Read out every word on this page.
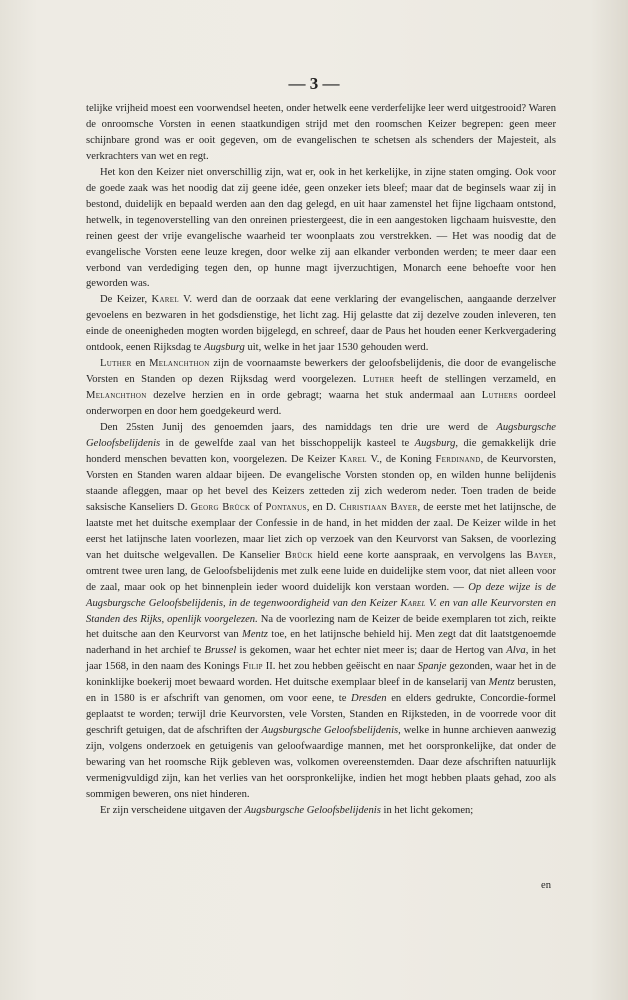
— 3 —

telijke vrijheid moest een voorwendsel heeten, onder hetwelk eene verderfelijke leer werd uitgestrooid? Waren de onroomsche Vorsten in eenen staatkundigen strijd met den roomschen Keizer begrepen: geen meer schijnbare grond was er ooit gegeven, om de evangelischen te schetsen als schenders der Majesteit, als verkrachters van wet en regt.

Het kon den Keizer niet onverschillig zijn, wat er, ook in het kerkelijke, in zijne staten omging. Ook voor de goede zaak was het noodig dat zij geene idée, geen onzeker iets bleef; maar dat de beginsels waar zij in bestond, duidelijk en bepaald werden aan den dag gelegd, en uit haar zamenstel het fijne ligchaam ontstond, hetwelk, in tegenoverstelling van den onreinen priestergeest, die in een aangestoken ligchaam huisvestte, den reinen geest der vrije evangelische waarheid ter woonplaats zou verstrekken. — Het was noodig dat de evangelische Vorsten eene leuze kregen, door welke zij aan elkander verbonden werden; te meer daar een verbond van verdediging tegen den, op hunne magt ijverzuchtigen, Monarch eene behoefte voor hen geworden was.

De Keizer, Karel V. werd dan de oorzaak dat eene verklaring der evangelischen, aangaande derzelver gevoelens en bezwaren in het godsdienstige, het licht zag. Hij gelastte dat zij dezelve zouden inleveren, ten einde de oneenigheden mogten worden bijgelegd, en schreef, daar de Paus het houden eener Kerkvergadering ontdook, eenen Rijksdag te Augsburg uit, welke in het jaar 1530 gehouden werd.

Luther en Melanchthon zijn de voornaamste bewerkers der geloofsbelijdenis, die door de evangelische Vorsten en Standen op dezen Rijksdag werd voorgelezen. Luther heeft de stellingen verzameld, en Melanchthon dezelve herzien en in orde gebragt; waarna het stuk andermaal aan Luthers oordeel onderworpen en door hem goedgekeurd werd.

Den 25sten Junij des genoemden jaars, des namiddags ten drie ure werd de Augsburgsche Geloofsbelijdenis in de gewelfde zaal van het bisschoppelijk kasteel te Augsburg, die gemakkelijk drie honderd menschen bevatten kon, voorgelezen. De Keizer Karel V., de Koning Ferdinand, de Keurvorsten, Vorsten en Standen waren aldaar bijeen. De evangelische Vorsten stonden op, en wilden hunne belijdenis staande afleggen, maar op het bevel des Keizers zetteden zij zich wederom neder. Toen traden de beide saksische Kanseliers D. Georg Brück of Pontanus, en D. Christiaan Bayer, de eerste met het latijnsche, de laatste met het duitsche exemplaar der Confessie in de hand, in het midden der zaal. De Keizer wilde in het eerst het latijnsche laten voorlezen, maar liet zich op verzoek van den Keurvorst van Saksen, de voorlezing van het duitsche welgevallen. De Kanselier Brück hield eene korte aanspraak, en vervolgens las Bayer, omtrent twee uren lang, de Geloofsbelijdenis met zulk eene luide en duidelijke stem voor, dat niet alleen voor de zaal, maar ook op het binnenplein ieder woord duidelijk kon verstaan worden. — Op deze wijze is de Augsburgsche Geloofsbelijdenis, in de tegenwoordigheid van den Keizer Karel V. en van alle Keurvorsten en Standen des Rijks, openlijk voorgelezen. Na de voorlezing nam de Keizer de beide exemplaren tot zich, reikte het duitsche aan den Keurvorst van Mentz toe, en het latijnsche behield hij. Men zegt dat dit laatstgenoemde naderhand in het archief te Brussel is gekomen, waar het echter niet meer is; daar de Hertog van Alva, in het jaar 1568, in den naam des Konings Filip II. het zou hebben geëischt en naar Spanje gezonden, waar het in de koninklijke boekerij moet bewaard worden. Het duitsche exemplaar bleef in de kanselarij van Mentz berusten, en in 1580 is er afschrift van genomen, om voor eene, te Dresden en elders gedrukte, Concordie-formel geplaatst te worden; terwijl drie Keurvorsten, vele Vorsten, Standen en Rijksteden, in de voorrede voor dit geschrift getuigen, dat de afschriften der Augsburgsche Geloofsbelijdenis, welke in hunne archieven aanwezig zijn, volgens onderzoek en getuigenis van geloofwaardige mannen, met het oorspronkelijke, dat onder de bewaring van het roomsche Rijk gebleven was, volkomen overeenstemden. Daar deze afschriften natuurlijk vermenigvuldigd zijn, kan het verlies van het oorspronkelijke, indien het mogt hebben plaats gehad, zoo als sommigen beweren, ons niet hinderen.

Er zijn verscheidene uitgaven der Augsburgsche Geloofsbelijdenis in het licht gekomen;

en
